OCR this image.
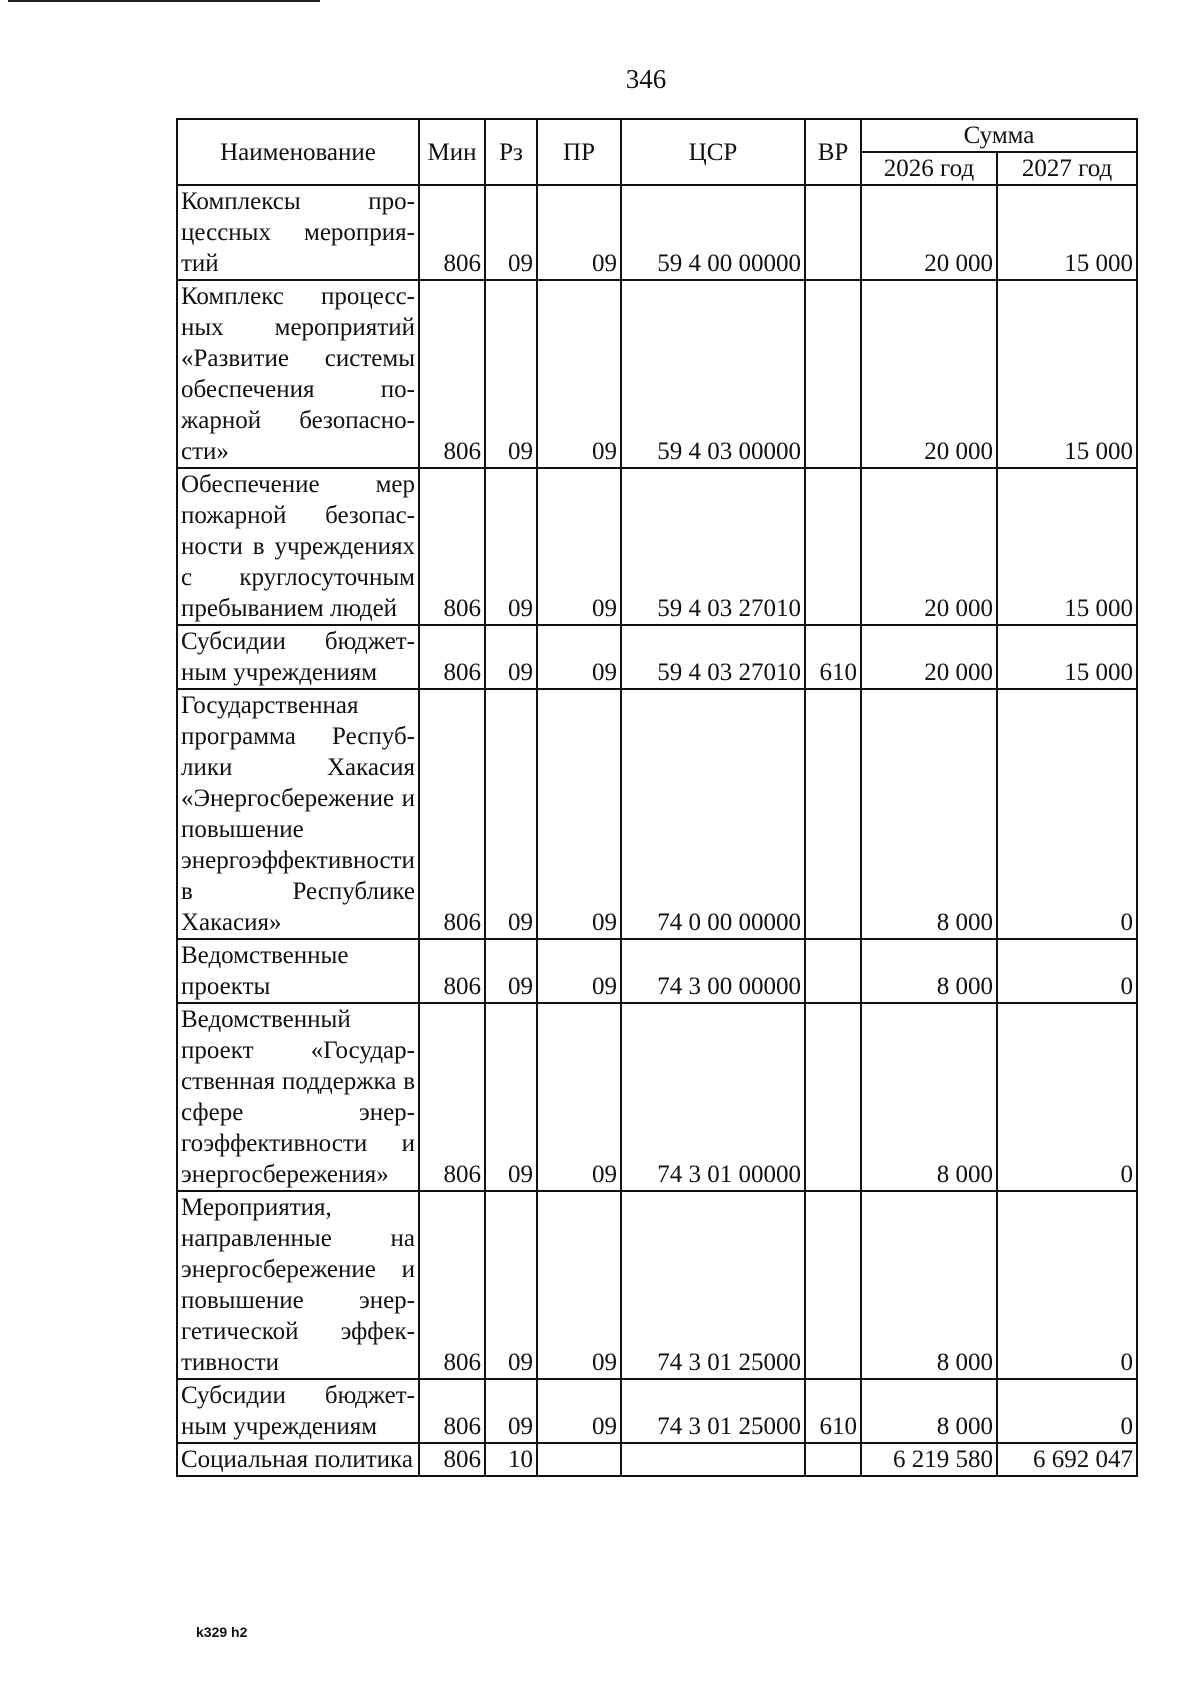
346
Наименование	Мин	Рз	ПР	ЦСР	ВР	Сумма	
						2026 год	2027 год
Комплексы процессных мероприятий	806	09	09	59 4 00 00000		20 000	15 000
Комплекс процессных мероприятий «Развитие системы обеспечения пожарной безопасности»	806	09	09	59 4 03 00000		20 000	15 000
Обеспечение мер пожарной безопасности в учреждениях с круглосуточным пребыванием людей	806	09	09	59 4 03 27010		20 000	15 000
Субсидии бюджетным учреждениям	806	09	09	59 4 03 27010	610	20 000	15 000
Государственная программа Республики Хакасия «Энергосбережение и повышение энергоэффективности в Республике Хакасия»	806	09	09	74 0 00 00000		8 000	0
Ведомственные проекты	806	09	09	74 3 00 00000		8 000	0
Ведомственный проект «Государственная поддержка в сфере энергоэффективности и энергосбережения»	806	09	09	74 3 01 00000		8 000	0
Мероприятия, направленные на энергосбережение и повышение энергетической эффективности	806	09	09	74 3 01 25000		8 000	0
Субсидии бюджетным учреждениям	806	09	09	74 3 01 25000	610	8 000	0
Социальная политика	806	10				6 219 580	6 692 047
k329 h2
